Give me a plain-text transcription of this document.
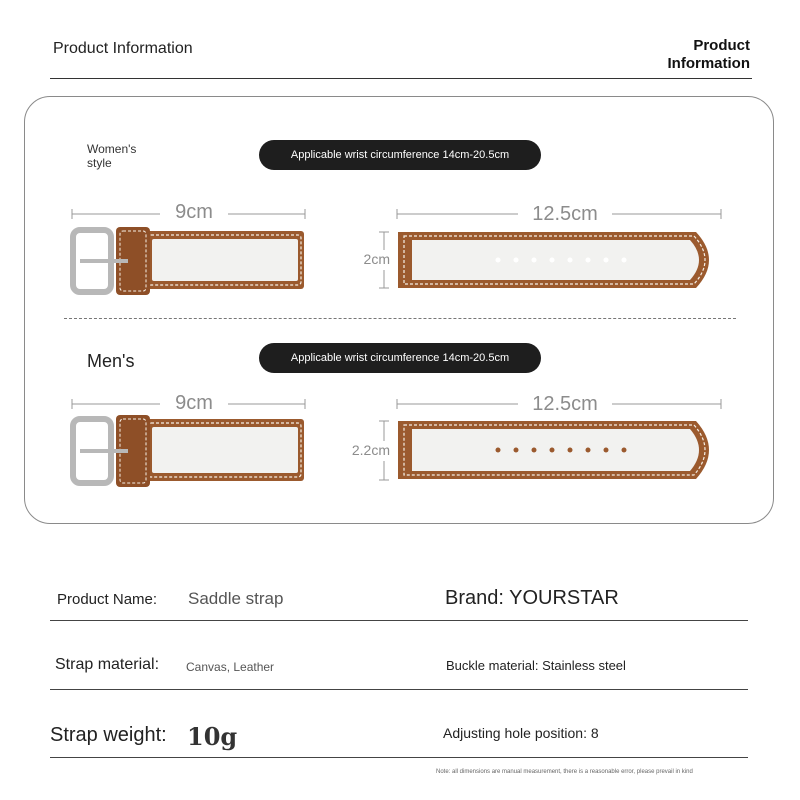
Product Information	Product Information
Women's style
Applicable wrist circumference 14cm-20.5cm
9cm	12.5cm
2cm
Men's	Applicable wrist circumference 14cm-20.5cm
9cm	12.5cm
2.2cm
Product Name: Saddle strap	Brand: YOURSTAR
Strap material: Canvas, Leather	Buckle material: Stainless steel
Strap weight: 10g	Adjusting hole position: 8
Note: all dimensions are manual measurement, there is a reasonable error, please prevail in kind
